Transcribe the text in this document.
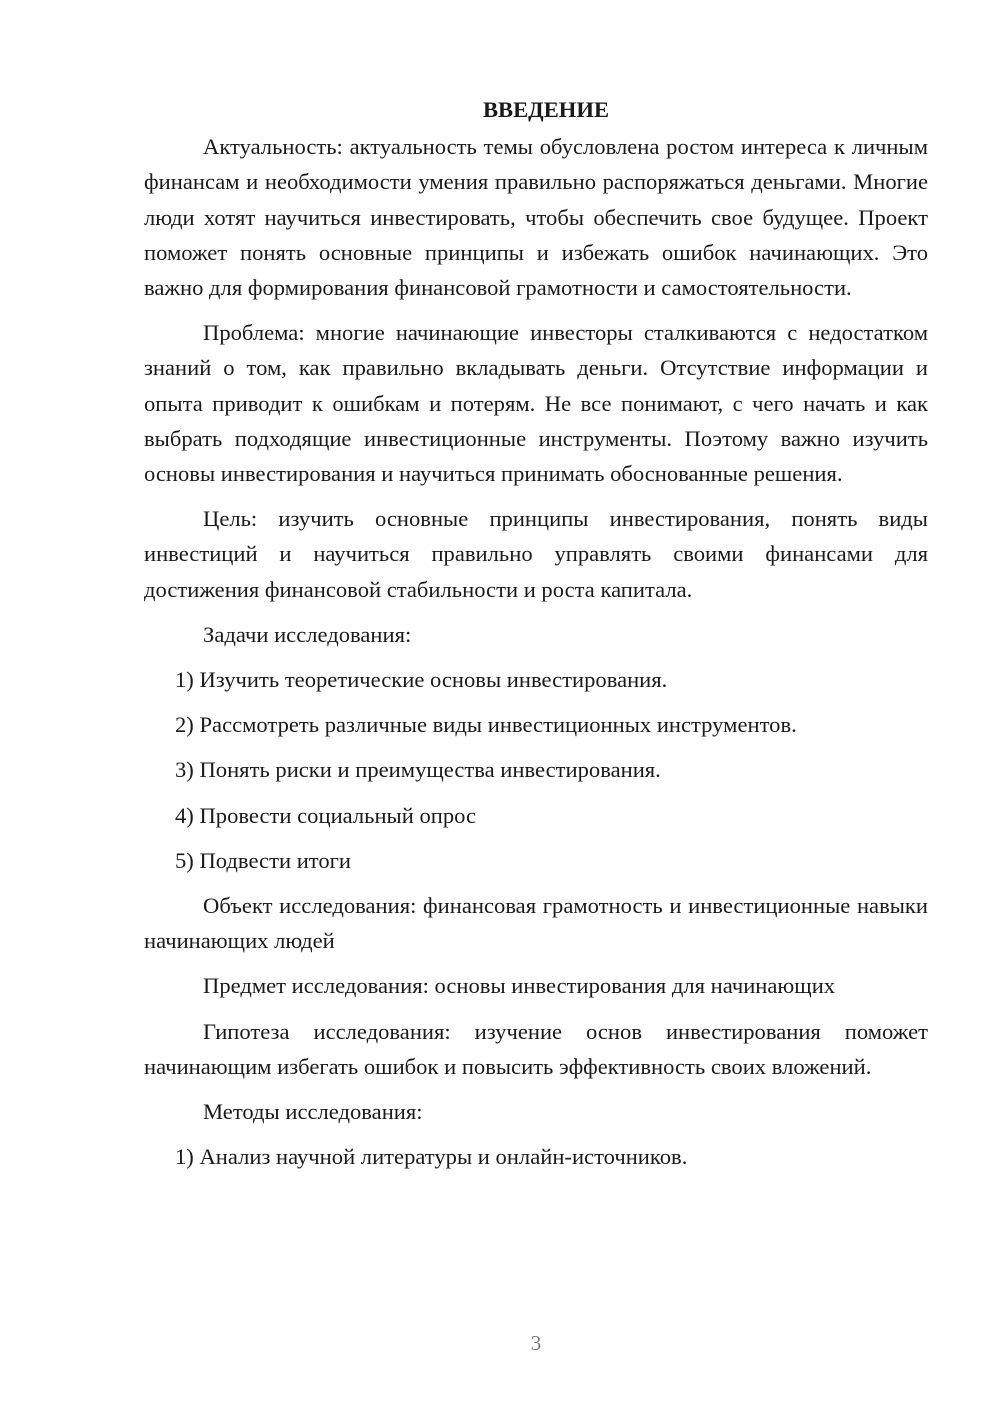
ВВЕДЕНИЕ

Актуальность: актуальность темы обусловлена ростом интереса к личным финансам и необходимости умения правильно распоряжаться деньгами. Многие люди хотят научиться инвестировать, чтобы обеспечить свое будущее. Проект поможет понять основные принципы и избежать ошибок начинающих. Это важно для формирования финансовой грамотности и самостоятельности.

Проблема: многие начинающие инвесторы сталкиваются с недостатком знаний о том, как правильно вкладывать деньги. Отсутствие информации и опыта приводит к ошибкам и потерям. Не все понимают, с чего начать и как выбрать подходящие инвестиционные инструменты. Поэтому важно изучить основы инвестирования и научиться принимать обоснованные решения.

Цель: изучить основные принципы инвестирования, понять виды инвестиций и научиться правильно управлять своими финансами для достижения финансовой стабильности и роста капитала.

Задачи исследования:

1) Изучить теоретические основы инвестирования.

2) Рассмотреть различные виды инвестиционных инструментов.

3) Понять риски и преимущества инвестирования.

4) Провести социальный опрос

5) Подвести итоги

Объект исследования: финансовая грамотность и инвестиционные навыки начинающих людей

Предмет исследования: основы инвестирования для начинающих

Гипотеза исследования: изучение основ инвестирования поможет начинающим избегать ошибок и повысить эффективность своих вложений.

Методы исследования:

1) Анализ научной литературы и онлайн-источников.

3
